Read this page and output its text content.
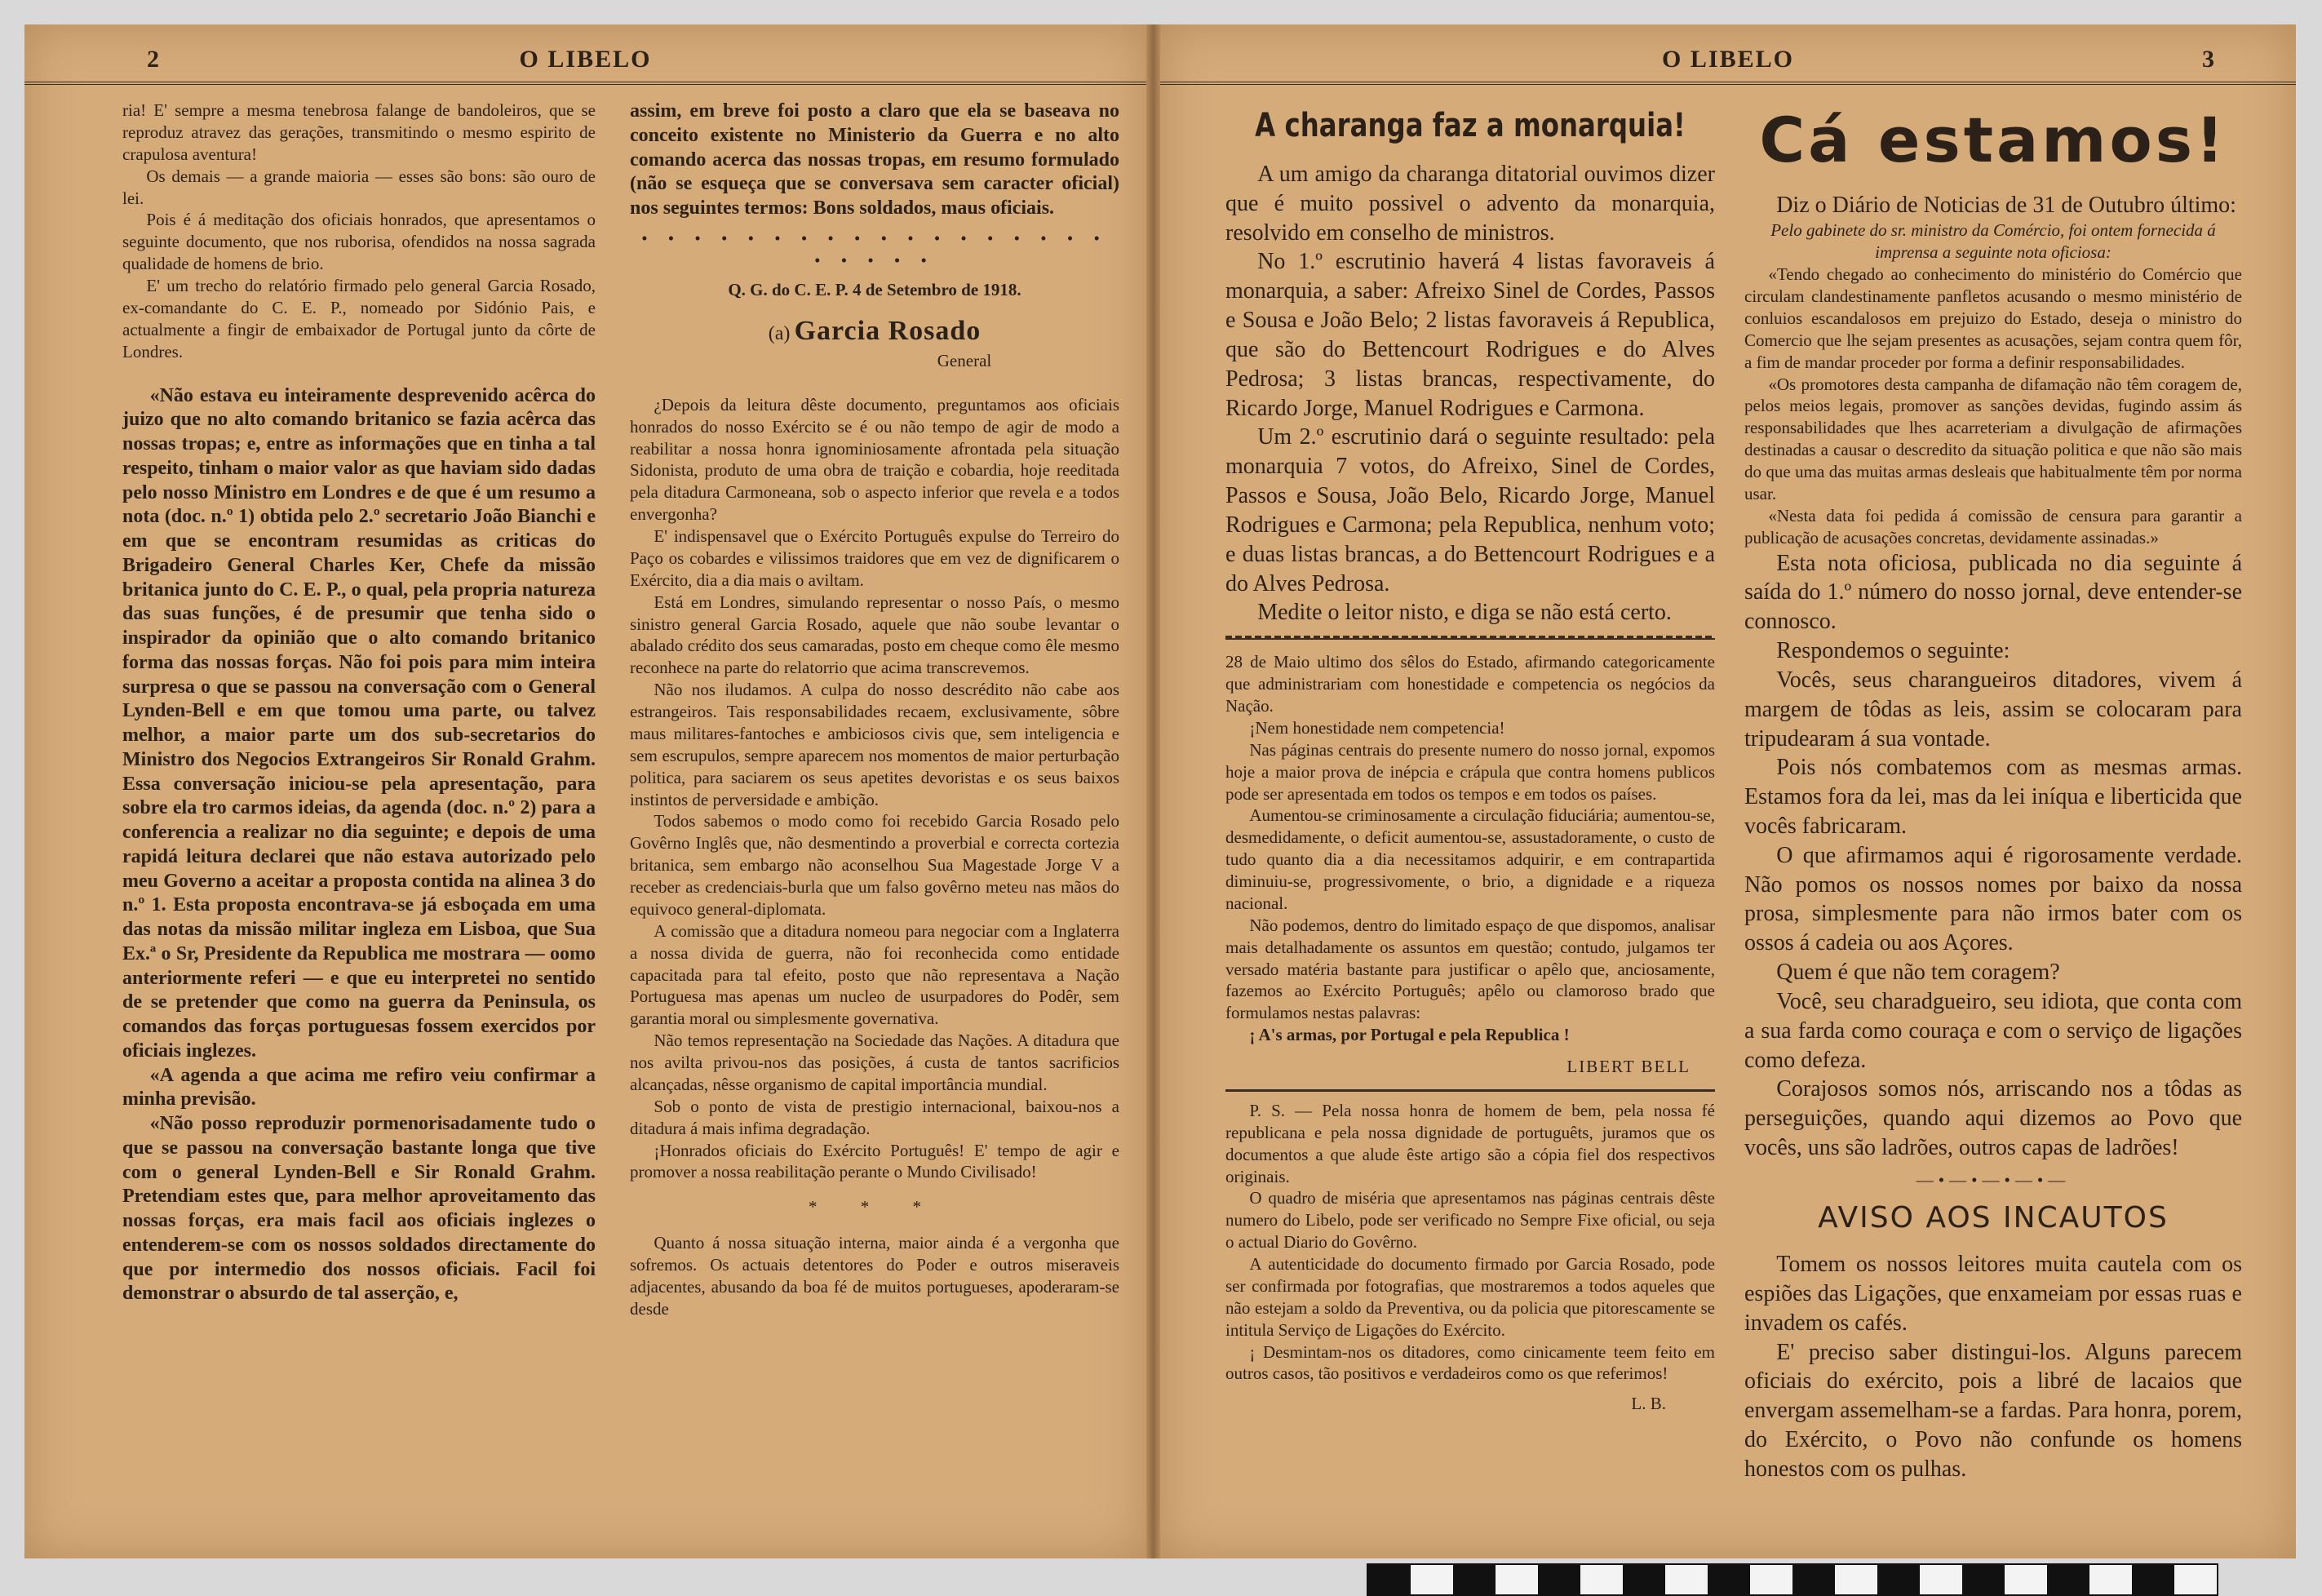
2	O LIBELO

ria! E' sempre a mesma tenebrosa falange de bandoleiros, que se reproduz atravez das gerações, transmitindo o mesmo espirito de crapulosa aventura!

Os demais — a grande maioria — esses são bons: são ouro de lei.

Pois é á meditação dos oficiais honrados, que apresentamos o seguinte documento, que nos ruborisa, ofendidos na nossa sagrada qualidade de homens de brio.

E' um trecho do relatório firmado pelo general Garcia Rosado, ex-comandante do C. E. P., nomeado por Sidónio Pais, e actualmente a fingir de embaixador de Portugal junto da côrte de Londres.

«Não estava eu inteiramente desprevenido acêrca do juizo que no alto comando britanico se fazia acêrca das nossas tropas; e, entre as informações que en tinha a tal respeito, tinham o maior valor as que haviam sido dadas pelo nosso Ministro em Londres e de que é um resumo a nota (doc. n.º 1) obtida pelo 2.º secretario João Bianchi e em que se encontram resumidas as criticas do Brigadeiro General Charles Ker, Chefe da missão britanica junto do C. E. P., o qual, pela propria natureza das suas funções, é de presumir que tenha sido o inspirador da opinião que o alto comando britanico forma das nossas forças. Não foi pois para mim inteira surpresa o que se passou na conversação com o General Lynden-Bell e em que tomou uma parte, ou talvez melhor, a maior parte um dos sub-secretarios do Ministro dos Negocios Extrangeiros Sir Ronald Grahm. Essa conversação iniciou-se pela apresentação, para sobre ela tro carmos ideias, da agenda (doc. n.º 2) para a conferencia a realizar no dia seguinte; e depois de uma rapidá leitura declarei que não estava autorizado pelo meu Governo a aceitar a proposta contida na alinea 3 do n.º 1. Esta proposta encontrava-se já esboçada em uma das notas da missão militar ingleza em Lisboa, que Sua Ex.ª o Sr, Presidente da Republica me mostrara — oomo anteriormente referi — e que eu interpretei no sentido de se pretender que como na guerra da Peninsula, os comandos das forças portuguesas fossem exercidos por oficiais inglezes.

«A agenda a que acima me refiro veiu confirmar a minha previsão.

«Não posso reproduzir pormenorisadamente tudo o que se passou na conversação bastante longa que tive com o general Lynden-Bell e Sir Ronald Grahm. Pretendiam estes que, para melhor aproveitamento das nossas forças, era mais facil aos oficiais inglezes o entenderem-se com os nossos soldados directamente do que por intermedio dos nossos oficiais. Facil foi demonstrar o absurdo de tal asserção, e,

assim, em breve foi posto a claro que ela se baseava no conceito existente no Ministerio da Guerra e no alto comando acerca das nossas tropas, em resumo formulado (não se esqueça que se conversava sem caracter oficial) nos seguintes termos: Bons soldados, maus oficiais.

• • • • • • • • • • • • • • • • • • • • • • •

Q. G. do C. E. P. 4 de Setembro de 1918.

(a) Garcia Rosado

General

¿Depois da leitura dêste documento, preguntamos aos oficiais honrados do nosso Exército se é ou não tempo de agir de modo a reabilitar a nossa honra ignominiosamente afrontada pela situação Sidonista, produto de uma obra de traição e cobardia, hoje reeditada pela ditadura Carmoneana, sob o aspecto inferior que revela e a todos envergonha?

E' indispensavel que o Exército Português expulse do Terreiro do Paço os cobardes e vilissimos traidores que em vez de dignificarem o Exército, dia a dia mais o aviltam.

Está em Londres, simulando representar o nosso País, o mesmo sinistro general Garcia Rosado, aquele que não soube levantar o abalado crédito dos seus camaradas, posto em cheque como êle mesmo reconhece na parte do relatorrio que acima transcrevemos.

Não nos iludamos. A culpa do nosso descrédito não cabe aos estrangeiros. Tais responsabilidades recaem, exclusivamente, sôbre maus militares-fantoches e ambiciosos civis que, sem inteligencia e sem escrupulos, sempre aparecem nos momentos de maior perturbação politica, para saciarem os seus apetites devoristas e os seus baixos instintos de perversidade e ambição.

Todos sabemos o modo como foi recebido Garcia Rosado pelo Govêrno Inglês que, não desmentindo a proverbial e correcta cortezia britanica, sem embargo não aconselhou Sua Magestade Jorge V a receber as credenciais-burla que um falso govêrno meteu nas mãos do equivoco general-diplomata.

A comissão que a ditadura nomeou para negociar com a Inglaterra a nossa divida de guerra, não foi reconhecida como entidade capacitada para tal efeito, posto que não representava a Nação Portuguesa mas apenas um nucleo de usurpadores do Podêr, sem garantia moral ou simplesmente governativa.

Não temos representação na Sociedade das Nações. A ditadura que nos avilta privou-nos das posições, á custa de tantos sacrificios alcançadas, nêsse organismo de capital importância mundial.

Sob o ponto de vista de prestigio internacional, baixou-nos a ditadura á mais infima degradação.

¡Honrados oficiais do Exército Português! E' tempo de agir e promover a nossa reabilitação perante o Mundo Civilisado!

* * *

Quanto á nossa situação interna, maior ainda é a vergonha que sofremos. Os actuais detentores do Poder e outros miseraveis adjacentes, abusando da boa fé de muitos portugueses, apoderaram-se desde

O LIBELO	3

A charanga faz a monarquia!

A um amigo da charanga ditatorial ouvimos dizer que é muito possivel o advento da monarquia, resolvido em conselho de ministros.

No 1.º escrutinio haverá 4 listas favoraveis á monarquia, a saber: Afreixo Sinel de Cordes, Passos e Sousa e João Belo; 2 listas favoraveis á Republica, que são do Bettencourt Rodrigues e do Alves Pedrosa; 3 listas brancas, respectivamente, do Ricardo Jorge, Manuel Rodrigues e Carmona.

Um 2.º escrutinio dará o seguinte resultado: pela monarquia 7 votos, do Afreixo, Sinel de Cordes, Passos e Sousa, João Belo, Ricardo Jorge, Manuel Rodrigues e Carmona; pela Republica, nenhum voto; e duas listas brancas, a do Bettencourt Rodrigues e a do Alves Pedrosa.

Medite o leitor nisto, e diga se não está certo.

28 de Maio ultimo dos sêlos do Estado, afirmando categoricamente que administrariam com honestidade e competencia os negócios da Nação.

¡Nem honestidade nem competencia!

Nas páginas centrais do presente numero do nosso jornal, expomos hoje a maior prova de inépcia e crápula que contra homens publicos pode ser apresentada em todos os tempos e em todos os países.

Aumentou-se criminosamente a circulação fiduciária; aumentou-se, desmedidamente, o deficit aumentou-se, assustadoramente, o custo de tudo quanto dia a dia necessitamos adquirir, e em contrapartida diminuiu-se, progressivomente, o brio, a dignidade e a riqueza nacional.

Não podemos, dentro do limitado espaço de que dispomos, analisar mais detalhadamente os assuntos em questão; contudo, julgamos ter versado matéria bastante para justificar o apêlo que, anciosamente, fazemos ao Exército Português; apêlo ou clamoroso brado que formulamos nestas palavras:

¡ A's armas, por Portugal e pela Republica !

LIBERT BELL

P. S. — Pela nossa honra de homem de bem, pela nossa fé republicana e pela nossa dignidade de portuguêts, juramos que os documentos a que alude êste artigo são a cópia fiel dos respectivos originais.

O quadro de miséria que apresentamos nas páginas centrais dêste numero do Libelo, pode ser verificado no Sempre Fixe oficial, ou seja o actual Diario do Govêrno.

A autenticidade do documento firmado por Garcia Rosado, pode ser confirmada por fotografias, que mostraremos a todos aqueles que não estejam a soldo da Preventiva, ou da policia que pitorescamente se intitula Serviço de Ligações do Exército.

¡ Desmintam-nos os ditadores, como cinicamente teem feito em outros casos, tão positivos e verdadeiros como os que referimos!

L. B.

Cá estamos!

Diz o Diário de Noticias de 31 de Outubro último:

Pelo gabinete do sr. ministro da Comércio, foi ontem fornecida á imprensa a seguinte nota oficiosa:

«Tendo chegado ao conhecimento do ministério do Comércio que circulam clandestinamente panfletos acusando o mesmo ministério de conluios escandalosos em prejuizo do Estado, deseja o ministro do Comercio que lhe sejam presentes as acusações, sejam contra quem fôr, a fim de mandar proceder por forma a definir responsabilidades.

«Os promotores desta campanha de difamação não têm coragem de, pelos meios legais, promover as sanções devidas, fugindo assim ás responsabilidades que lhes acarreteriam a divulgação de afirmações destinadas a causar o descredito da situação politica e que não são mais do que uma das muitas armas desleais que habitualmente têm por norma usar.

«Nesta data foi pedida á comissão de censura para garantir a publicação de acusações concretas, devidamente assinadas.»

Esta nota oficiosa, publicada no dia seguinte á saída do 1.º número do nosso jornal, deve entender-se connosco.

Respondemos o seguinte:

Vocês, seus charangueiros ditadores, vivem á margem de tôdas as leis, assim se colocaram para tripudearam á sua vontade.

Pois nós combatemos com as mesmas armas. Estamos fora da lei, mas da lei iníqua e liberticida que vocês fabricaram.

O que afirmamos aqui é rigorosamente verdade. Não pomos os nossos nomes por baixo da nossa prosa, simplesmente para não irmos bater com os ossos á cadeia ou aos Açores.

Quem é que não tem coragem?

Você, seu charadgueiro, seu idiota, que conta com a sua farda como couraça e com o serviço de ligações como defeza.

Corajosos somos nós, arriscando nos a tôdas as perseguições, quando aqui dizemos ao Povo que vocês, uns são ladrões, outros capas de ladrões!

—•—•—•—•—

AVISO AOS INCAUTOS

Tomem os nossos leitores muita cautela com os espiões das Ligações, que enxameiam por essas ruas e invadem os cafés.

E' preciso saber distingui-los. Alguns parecem oficiais do exército, pois a libré de lacaios que envergam assemelham-se a fardas. Para honra, porem, do Exército, o Povo não confunde os homens honestos com os pulhas.
